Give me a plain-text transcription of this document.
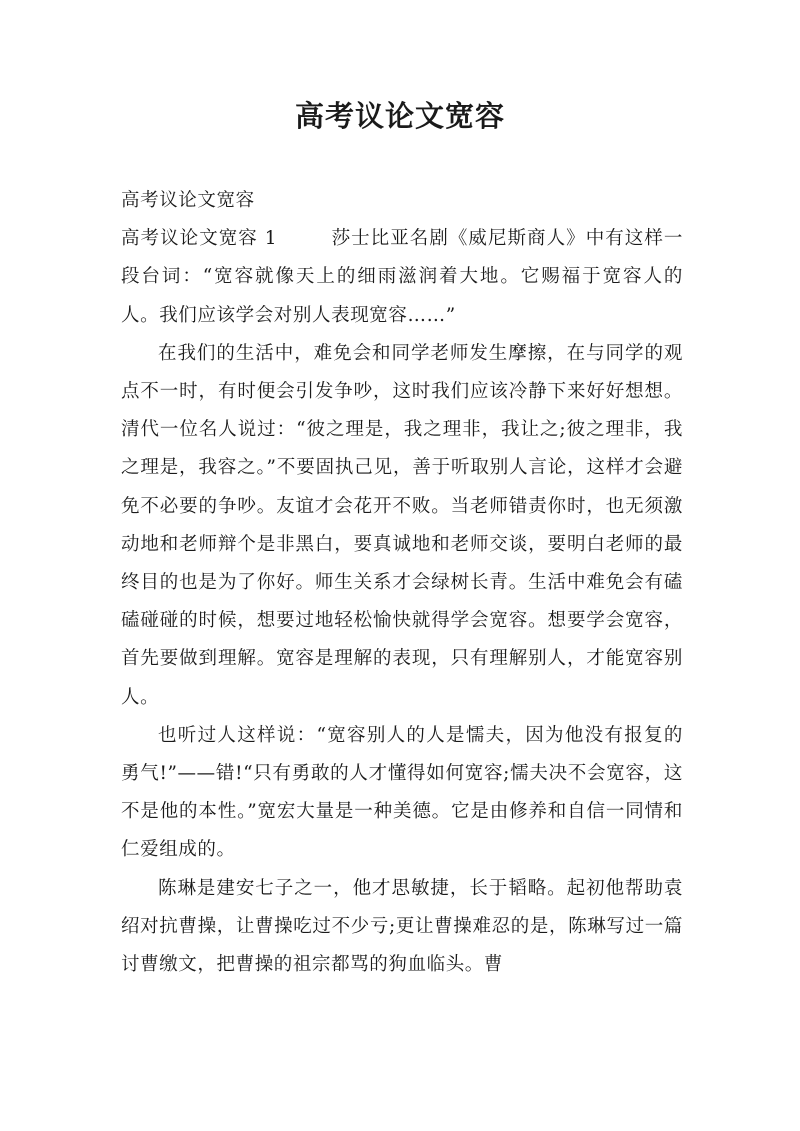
高考议论文宽容

高考议论文宽容

高考议论文宽容 1	莎士比亚名剧《威尼斯商人》中有这样一段台词：“宽容就像天上的细雨滋润着大地。它赐福于宽容人的人。我们应该学会对别人表现宽容……”

在我们的生活中，难免会和同学老师发生摩擦，在与同学的观点不一时，有时便会引发争吵，这时我们应该冷静下来好好想想。清代一位名人说过：“彼之理是，我之理非，我让之;彼之理非，我之理是，我容之。”不要固执己见，善于听取别人言论，这样才会避免不必要的争吵。友谊才会花开不败。当老师错责你时，也无须激动地和老师辩个是非黑白，要真诚地和老师交谈，要明白老师的最终目的也是为了你好。师生关系才会绿树长青。生活中难免会有磕磕碰碰的时候，想要过地轻松愉快就得学会宽容。想要学会宽容，首先要做到理解。宽容是理解的表现，只有理解别人，才能宽容别人。

也听过人这样说：“宽容别人的人是懦夫，因为他没有报复的勇气!”——错!“只有勇敢的人才懂得如何宽容;懦夫决不会宽容，这不是他的本性。”宽宏大量是一种美德。它是由修养和自信一同情和仁爱组成的。

陈琳是建安七子之一，他才思敏捷，长于韬略。起初他帮助袁绍对抗曹操，让曹操吃过不少亏;更让曹操难忍的是，陈琳写过一篇讨曹缴文，把曹操的祖宗都骂的狗血临头。曹
